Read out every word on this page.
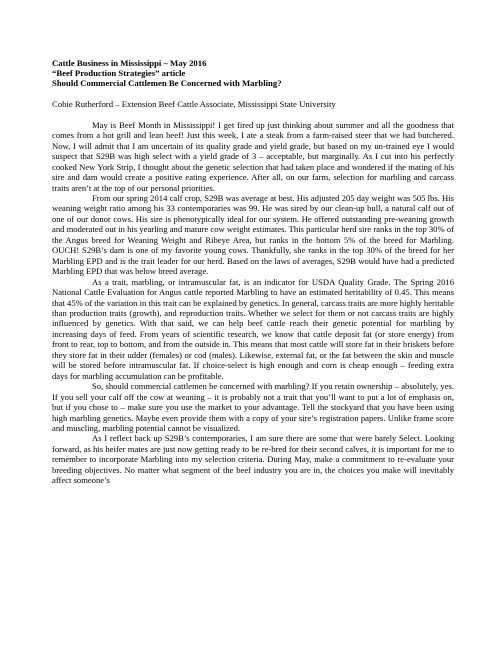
Cattle Business in Mississippi – May 2016
“Beef Production Strategies” article
Should Commercial Cattlemen Be Concerned with Marbling?
Cobie Rutherford – Extension Beef Cattle Associate, Mississippi State University

May is Beef Month in Mississippi! I get fired up just thinking about summer and all the goodness that comes from a hot grill and lean beef! Just this week, I ate a steak from a farm-raised steer that we had butchered. Now, I will admit that I am uncertain of its quality grade and yield grade, but based on my un-trained eye I would suspect that S29B was high select with a yield grade of 3 – acceptable, but marginally. As I cut into his perfectly cooked New York Strip, I thought about the genetic selection that had taken place and wondered if the mating of his sire and dam would create a positive eating experience. After all, on our farm, selection for marbling and carcass traits aren’t at the top of our personal priorities.

From our spring 2014 calf crop, S29B was average at best. His adjusted 205 day weight was 505 lbs. His weaning weight ratio among his 33 contemporaries was 99. He was sired by our clean-up bull, a natural calf out of one of our donor cows. His sire is phenotypically ideal for our system. He offered outstanding pre-weaning growth and moderated out in his yearling and mature cow weight estimates. This particular herd sire ranks in the top 30% of the Angus breed for Weaning Weight and Ribeye Area, but ranks in the bottom 5% of the breed for Marbling. OUCH! S29B’s dam is one of my favorite young cows. Thankfully, she ranks in the top 30% of the breed for her Marbling EPD and is the trait leader for our herd. Based on the laws of averages, S29B would have had a predicted Marbling EPD that was below breed average.

As a trait, marbling, or intramuscular fat, is an indicator for USDA Quality Grade. The Spring 2016 National Cattle Evaluation for Angus cattle reported Marbling to have an estimated heritability of 0.45. This means that 45% of the variation in this trait can be explained by genetics. In general, carcass traits are more highly heritable than production traits (growth), and reproduction traits. Whether we select for them or not carcass traits are highly influenced by genetics. With that said, we can help beef cattle reach their genetic potential for marbling by increasing days of feed. From years of scientific research, we know that cattle deposit fat (or store energy) from front to rear, top to bottom, and from the outside in. This means that most cattle will store fat in their briskets before they store fat in their udder (females) or cod (males). Likewise, external fat, or the fat between the skin and muscle will be stored before intramuscular fat. If choice-select is high enough and corn is cheap enough – feeding extra days for marbling accumulation can be profitable.

So, should commercial cattlemen be concerned with marbling? If you retain ownership – absolutely, yes. If you sell your calf off the cow at weaning – it is probably not a trait that you’ll want to put a lot of emphasis on, but if you chose to – make sure you use the market to your advantage. Tell the stockyard that you have been using high marbling genetics. Maybe even provide them with a copy of your sire’s registration papers. Unlike frame score and muscling, marbling potential cannot be visualized.

As I reflect back up S29B’s contemporaries, I am sure there are some that were barely Select. Looking forward, as his heifer mates are just now getting ready to be re-bred for their second calves, it is important for me to remember to incorporate Marbling into my selection criteria. During May, make a commitment to re-evaluate your breeding objectives. No matter what segment of the beef industry you are in, the choices you make will inevitably affect someone’s
